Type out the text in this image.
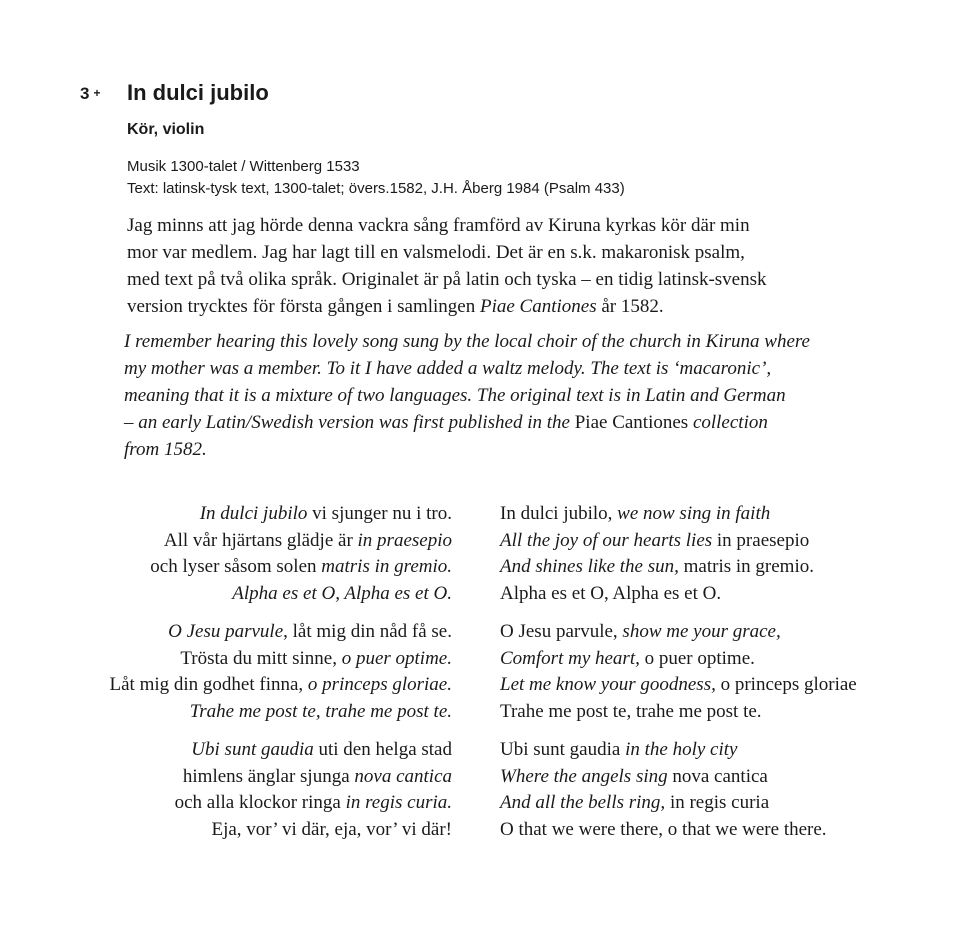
3 + In dulci jubilo
Kör, violin
Musik 1300-talet / Wittenberg 1533
Text: latinsk-tysk text, 1300-talet; övers.1582, J.H. Åberg 1984 (Psalm 433)
Jag minns att jag hörde denna vackra sång framförd av Kiruna kyrkas kör där min
mor var medlem. Jag har lagt till en valsmelodi. Det är en s.k. makaronisk psalm,
med text på två olika språk. Originalet är på latin och tyska – en tidig latinsk-svensk
version trycktes för första gången i samlingen Piae Cantiones år 1582.
I remember hearing this lovely song sung by the local choir of the church in Kiruna where
my mother was a member. To it I have added a waltz melody. The text is ‘macaronic’,
meaning that it is a mixture of two languages. The original text is in Latin and German
– an early Latin/Swedish version was first published in the Piae Cantiones collection
from 1582.
In dulci jubilo vi sjunger nu i tro.
All vår hjärtans glädje är in praesepio
och lyser såsom solen matris in gremio.
Alpha es et O, Alpha es et O.
O Jesu parvule, låt mig din nåd få se.
Trösta du mitt sinne, o puer optime.
Låt mig din godhet finna, o princeps gloriae.
Trahe me post te, trahe me post te.
Ubi sunt gaudia uti den helga stad
himlens änglar sjunga nova cantica
och alla klockor ringa in regis curia.
Eja, vor’ vi där, eja, vor’ vi där!
In dulci jubilo, we now sing in faith
All the joy of our hearts lies in praesepio
And shines like the sun, matris in gremio.
Alpha es et O, Alpha es et O.
O Jesu parvule, show me your grace,
Comfort my heart, o puer optime.
Let me know your goodness, o princeps gloriae
Trahe me post te, trahe me post te.
Ubi sunt gaudia in the holy city
Where the angels sing nova cantica
And all the bells ring, in regis curia
O that we were there, o that we were there.
